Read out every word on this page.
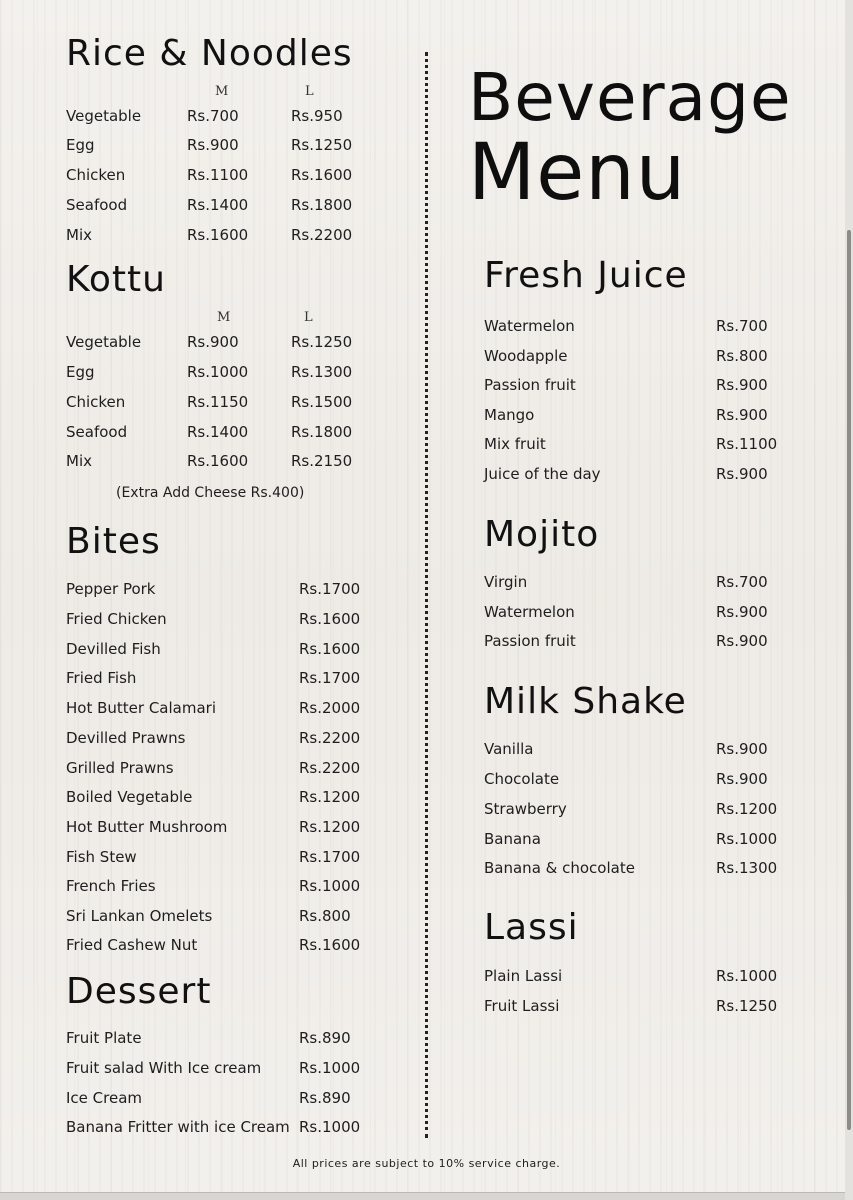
Rice & Noodles
M	L
Vegetable	Rs.700	Rs.950
Egg	Rs.900	Rs.1250
Chicken	Rs.1100	Rs.1600
Seafood	Rs.1400	Rs.1800
Mix	Rs.1600	Rs.2200
Kottu
M	L
Vegetable	Rs.900	Rs.1250
Egg	Rs.1000	Rs.1300
Chicken	Rs.1150	Rs.1500
Seafood	Rs.1400	Rs.1800
Mix	Rs.1600	Rs.2150
(Extra Add Cheese Rs.400)
Bites
Pepper Pork	Rs.1700
Fried Chicken	Rs.1600
Devilled Fish	Rs.1600
Fried Fish	Rs.1700
Hot Butter Calamari	Rs.2000
Devilled Prawns	Rs.2200
Grilled Prawns	Rs.2200
Boiled Vegetable	Rs.1200
Hot Butter Mushroom	Rs.1200
Fish Stew	Rs.1700
French Fries	Rs.1000
Sri Lankan Omelets	Rs.800
Fried Cashew Nut	Rs.1600
Dessert
Fruit Plate	Rs.890
Fruit salad With Ice cream	Rs.1000
Ice Cream	Rs.890
Banana Fritter with ice Cream Rs.1000
Beverage
Menu
Fresh Juice
Watermelon	Rs.700
Woodapple	Rs.800
Passion fruit	Rs.900
Mango	Rs.900
Mix fruit	Rs.1100
Juice of the day	Rs.900
Mojito
Virgin	Rs.700
Watermelon	Rs.900
Passion fruit	Rs.900
Milk Shake
Vanilla	Rs.900
Chocolate	Rs.900
Strawberry	Rs.1200
Banana	Rs.1000
Banana & chocolate	Rs.1300
Lassi
Plain Lassi	Rs.1000
Fruit Lassi	Rs.1250
All prices are subject to 10% service charge.
